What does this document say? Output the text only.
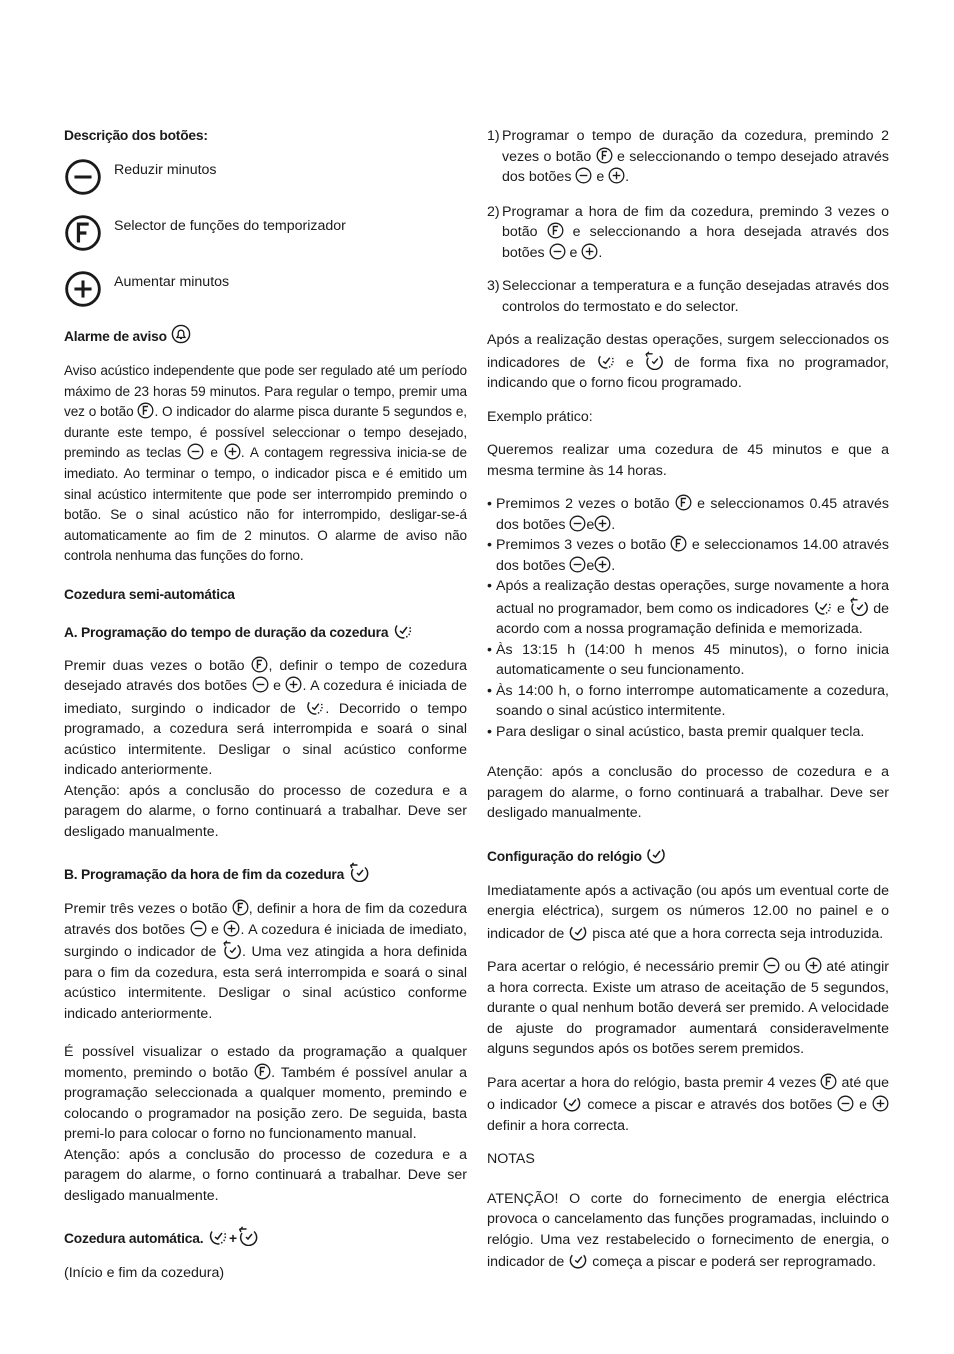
Descrição dos botões:
Reduzir minutos
Selector de funções do temporizador
Aumentar minutos
Alarme de aviso

Aviso acústico independente que pode ser regulado até um período máximo de 23 horas 59 minutos. Para regular o tempo, premir uma vez o botão . O indicador do alarme pisca durante 5 segundos e, durante este tempo, é possível seleccionar o tempo desejado, premindo as teclas e . A contagem regressiva inicia-se de imediato. Ao terminar o tempo, o indicador pisca e é emitido um sinal acústico intermitente que pode ser interrompido premindo o botão. Se o sinal acústico não for interrompido, desligar-se-á automaticamente ao fim de 2 minutos. O alarme de aviso não controla nenhuma das funções do forno.

Cozedura semi-automática
A. Programação do tempo de duração da cozedura

Premir duas vezes o botão , definir o tempo de cozedura desejado através dos botões e . A cozedura é iniciada de imediato, surgindo o indicador de . Decorrido o tempo programado, a cozedura será interrompida e soará o sinal acústico intermitente. Desligar o sinal acústico conforme indicado anteriormente.

Atenção: após a conclusão do processo de cozedura e a paragem do alarme, o forno continuará a trabalhar. Deve ser desligado manualmente.

B. Programação da hora de fim da cozedura

Premir três vezes o botão , definir a hora de fim da cozedura através dos botões e . A cozedura é iniciada de imediato, surgindo o indicador de . Uma vez atingida a hora definida para o fim da cozedura, esta será interrompida e soará o sinal acústico intermitente. Desligar o sinal acústico conforme indicado anteriormente.

É possível visualizar o estado da programação a qualquer momento, premindo o botão . Também é possível anular a programação seleccionada a qualquer momento, premindo e colocando o programador na posição zero. De seguida, basta premi-lo para colocar o forno no funcionamento manual.

Atenção: após a conclusão do processo de cozedura e a paragem do alarme, o forno continuará a trabalhar. Deve ser desligado manualmente.

Cozedura automática. +

(Início e fim da cozedura)

1) Programar o tempo de duração da cozedura, premindo 2 vezes o botão e seleccionando o tempo desejado através dos botões e .

2) Programar a hora de fim da cozedura, premindo 3 vezes o botão e seleccionando a hora desejada através dos botões e .

3) Seleccionar a temperatura e a função desejadas através dos controlos do termostato e do selector.

Após a realização destas operações, surgem seleccionados os indicadores de	e	de forma fixa no programador, indicando que o forno ficou programado.

Exemplo prático:

Queremos realizar uma cozedura de 45 minutos e que a mesma termine às 14 horas.

• Premimos 2 vezes o botão e seleccionamos 0.45 através dos botões e .
• Premimos 3 vezes o botão e seleccionamos 14.00 através dos botões e .
• Após a realização destas operações, surge novamente a hora actual no programador, bem como os indicadores e de acordo com a nossa programação definida e memorizada.
• Às 13:15 h (14:00 h menos 45 minutos), o forno inicia automaticamente o seu funcionamento.
• Às 14:00 h, o forno interrompe automaticamente a cozedura, soando o sinal acústico intermitente.
• Para desligar o sinal acústico, basta premir qualquer tecla.

Atenção: após a conclusão do processo de cozedura e a paragem do alarme, o forno continuará a trabalhar. Deve ser desligado manualmente.

Configuração do relógio

Imediatamente após a activação (ou após um eventual corte de energia eléctrica), surgem os números 12.00 no painel e o indicador de pisca até que a hora correcta seja introduzida.

Para acertar o relógio, é necessário premir ou até atingir a hora correcta. Existe um atraso de aceitação de 5 segundos, durante o qual nenhum botão deverá ser premido. A velocidade de ajuste do programador aumentará consideravelmente alguns segundos após os botões serem premidos.

Para acertar a hora do relógio, basta premir 4 vezes até que o indicador comece a piscar e através dos botões e  definir a hora correcta.

NOTAS

ATENÇÃO! O corte do fornecimento de energia eléctrica provoca o cancelamento das funções programadas, incluindo o relógio. Uma vez restabelecido o fornecimento de energia, o indicador de começa a piscar e poderá ser reprogramado.
